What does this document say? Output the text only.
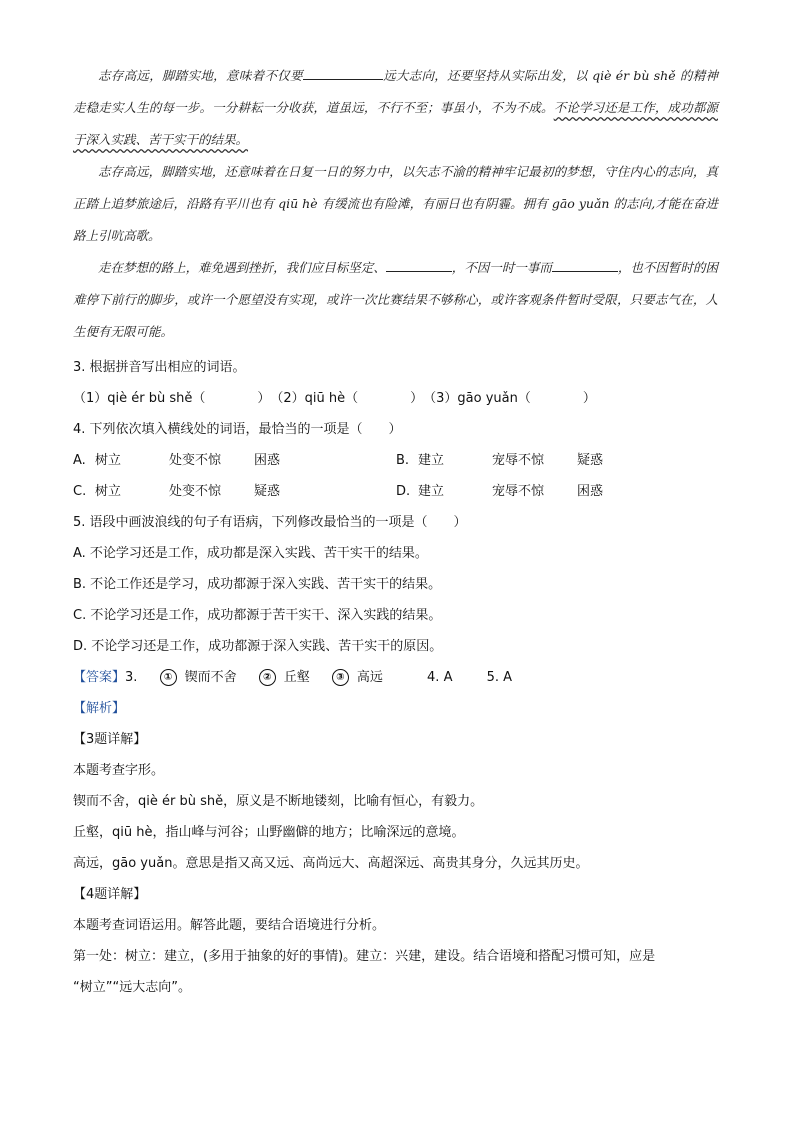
志存高远，脚踏实地，意味着不仅要	远大志向，还要坚持从实际出发，以 qiè ér bù shě 的精神走稳走实人生的每一步。一分耕耘一分收获，道虽远，不行不至；事虽小，不为不成。不论学习还是工作，成功都源于深入实践、苦干实干的结果。

志存高远，脚踏实地，还意味着在日复一日的努力中，以矢志不渝的精神牢记最初的梦想，守住内心的志向，真正踏上追梦旅途后，沿路有平川也有 qiū hè 有缓流也有险滩，有丽日也有阴霾。拥有 gāo yuǎn 的志向,才能在奋进路上引吭高歌。

走在梦想的路上，难免遇到挫折，我们应目标坚定、	，不因一时一事而	，也不因暂时的困难停下前行的脚步，或许一个愿望没有实现，或许一次比赛结果不够称心，或许客观条件暂时受限，只要志气在，人生便有无限可能。

3. 根据拼音写出相应的词语。
（1）qiè ér bù shě（　　　　）　（2）qiū hè（　　　　）　（3）gāo yuǎn（　　　　）
4. 下列依次填入横线处的词语，最恰当的一项是（　　）
A. 树立	处变不惊	困惑	B. 建立	宠辱不惊	疑惑
C. 树立	处变不惊	疑惑	D. 建立	宠辱不惊	困惑
5. 语段中画波浪线的句子有语病，下列修改最恰当的一项是（　　）
A. 不论学习还是工作，成功都是深入实践、苦干实干的结果。
B. 不论工作还是学习，成功都源于深入实践、苦干实干的结果。
C. 不论学习还是工作，成功都源于苦干实干、深入实践的结果。
D. 不论学习还是工作，成功都源于深入实践、苦干实干的原因。
【答案】3.	① 锲而不舍	② 丘壑	③ 高远	4. A	5. A
【解析】
【3题详解】
本题考查字形。
锲而不舍，qiè ér bù shě，原义是不断地镂刻，比喻有恒心，有毅力。
丘壑，qiū hè，指山峰与河谷；山野幽僻的地方；比喻深远的意境。
高远，gāo yuǎn。意思是指又高又远、高尚远大、高超深远、高贵其身分，久远其历史。
【4题详解】
本题考查词语运用。解答此题，要结合语境进行分析。
第一处：树立：建立，(多用于抽象的好的事情)。建立：兴建，建设。结合语境和搭配习惯可知，应是
“树立”“远大志向”。
